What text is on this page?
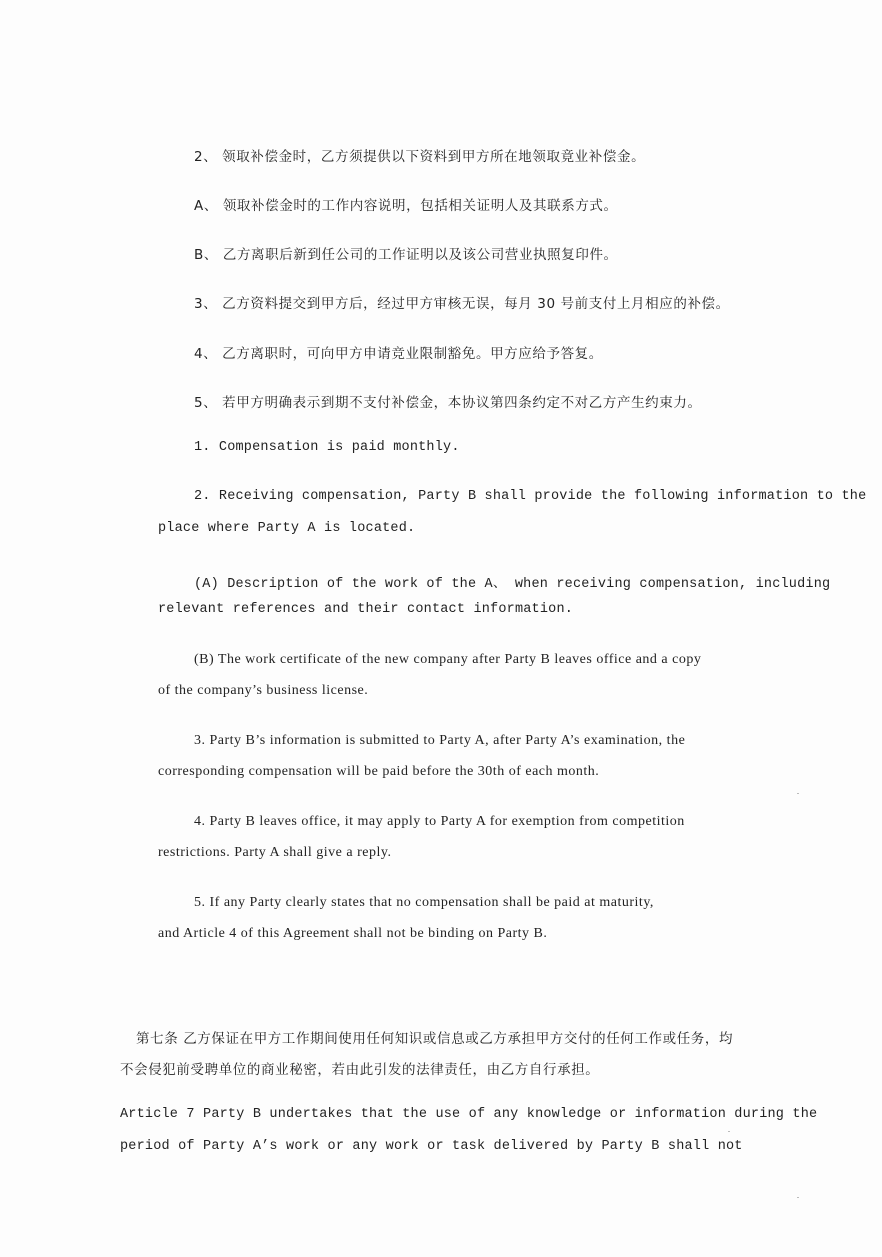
2、 领取补偿金时，乙方须提供以下资料到甲方所在地领取竟业补偿金。
A、 领取补偿金时的工作内容说明，包括相关证明人及其联系方式。
B、 乙方离职后新到任公司的工作证明以及该公司营业执照复印件。
3、 乙方资料提交到甲方后，经过甲方审核无误，每月 30 号前支付上月相应的补偿。
4、 乙方离职时，可向甲方申请竞业限制豁免。甲方应给予答复。
5、 若甲方明确表示到期不支付补偿金，本协议第四条约定不对乙方产生约束力。
1. Compensation is paid monthly.
2. Receiving compensation, Party B shall provide the following information to the
place where Party A is located.
(A) Description of the work of the A、 when receiving compensation, including
relevant references and their contact information.
(B) The work certificate of the new company after Party B leaves office and a copy
of the company’s business license.
3. Party B’s information is submitted to Party A, after Party A’s examination, the
corresponding compensation will be paid before the 30th of each month.
4. Party B leaves office, it may apply to Party A for exemption from competition
restrictions. Party A shall give a reply.
5. If any Party clearly states that no compensation shall be paid at maturity,
and Article 4 of this Agreement shall not be binding on Party B.
第七条 乙方保证在甲方工作期间使用任何知识或信息或乙方承担甲方交付的任何工作或任务，均
不会侵犯前受聘单位的商业秘密，若由此引发的法律责任，由乙方自行承担。
Article 7 Party B undertakes that the use of any knowledge or information during the
period of Party A’s work or any work or task delivered by Party B shall not
